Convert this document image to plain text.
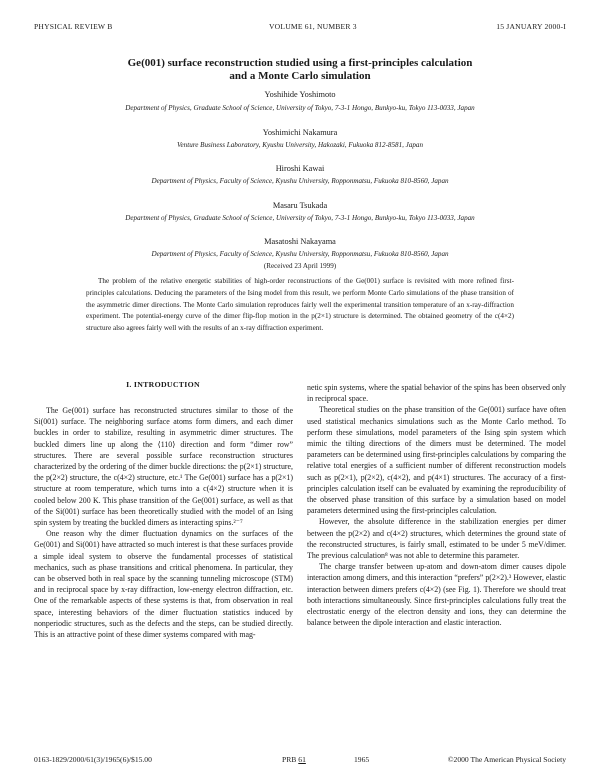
PHYSICAL REVIEW B	VOLUME 61, NUMBER 3	15 JANUARY 2000-I
Ge(001) surface reconstruction studied using a first-principles calculation
and a Monte Carlo simulation
Yoshihide Yoshimoto
Department of Physics, Graduate School of Science, University of Tokyo, 7-3-1 Hongo, Bunkyo-ku, Tokyo 113-0033, Japan
Yoshimichi Nakamura
Venture Business Laboratory, Kyushu University, Hakozaki, Fukuoka 812-8581, Japan
Hiroshi Kawai
Department of Physics, Faculty of Science, Kyushu University, Ropponmatsu, Fukuoka 810-8560, Japan
Masaru Tsukada
Department of Physics, Graduate School of Science, University of Tokyo, 7-3-1 Hongo, Bunkyo-ku, Tokyo 113-0033, Japan
Masatoshi Nakayama
Department of Physics, Faculty of Science, Kyushu University, Ropponmatsu, Fukuoka 810-8560, Japan
(Received 23 April 1999)

The problem of the relative energetic stabilities of high-order reconstructions of the Ge(001) surface is revisited with more refined first-principles calculations. Deducing the parameters of the Ising model from this result, we perform Monte Carlo simulations of the phase transition of the asymmetric dimer directions. The Monte Carlo simulation reproduces fairly well the experimental transition temperature of an x-ray-diffraction experiment. The potential-energy curve of the dimer flip-flop motion in the p(2×1) structure is determined. The obtained geometry of the c(4×2) structure also agrees fairly well with the results of an x-ray diffraction experiment.

I. INTRODUCTION

The Ge(001) surface has reconstructed structures similar to those of the Si(001) surface. The neighboring surface atoms form dimers, and each dimer buckles in order to stabilize, resulting in asymmetric dimer structures. The buckled dimers line up along the ⟨110⟩ direction and form “dimer row” structures. There are several possible surface reconstruction structures characterized by the ordering of the dimer buckle directions: the p(2×1) structure, the p(2×2) structure, the c(4×2) structure, etc.¹ The Ge(001) surface has a p(2×1) structure at room temperature, which turns into a c(4×2) structure when it is cooled below 200 K. This phase transition of the Ge(001) surface, as well as that of the Si(001) surface has been theoretically studied with the model of an Ising spin system by treating the buckled dimers as interacting spins.²⁻⁷

One reason why the dimer fluctuation dynamics on the surfaces of the Ge(001) and Si(001) have attracted so much interest is that these surfaces provide a simple ideal system to observe the fundamental processes of statistical mechanics, such as phase transitions and critical phenomena. In particular, they can be observed both in real space by the scanning tunneling microscope (STM) and in reciprocal space by x-ray diffraction, low-energy electron diffraction, etc. One of the remarkable aspects of these systems is that, from observation in real space, interesting behaviors of the dimer fluctuation statistics induced by nonperiodic structures, such as the defects and the steps, can be studied directly. This is an attractive point of these dimer systems compared with mag-

netic spin systems, where the spatial behavior of the spins has been observed only in reciprocal space.

Theoretical studies on the phase transition of the Ge(001) surface have often used statistical mechanics simulations such as the Monte Carlo method. To perform these simulations, model parameters of the Ising spin system which mimic the tilting directions of the dimers must be determined. The model parameters can be determined using first-principles calculations by comparing the relative total energies of a sufficient number of different reconstruction models such as p(2×1), p(2×2), c(4×2), and p(4×1) structures. The accuracy of a first-principles calculation itself can be evaluated by examining the reproducibility of the observed phase transition of this surface by a simulation based on model parameters determined using the first-principles calculation.

However, the absolute difference in the stabilization energies per dimer between the p(2×2) and c(4×2) structures, which determines the ground state of the reconstructed structures, is fairly small, estimated to be under 5 meV/dimer. The previous calculation⁸ was not able to determine this parameter.

The charge transfer between up-atom and down-atom dimer causes dipole interaction among dimers, and this interaction “prefers” p(2×2).³ However, elastic interaction between dimers prefers c(4×2) (see Fig. 1). Therefore we should treat both interactions simultaneously. Since first-principles calculations fully treat the electrostatic energy of the electron density and ions, they can determine the balance between the dipole interaction and elastic interaction.

0163-1829/2000/61(3)/1965(6)/$15.00	PRB 61	1965	©2000 The American Physical Society
